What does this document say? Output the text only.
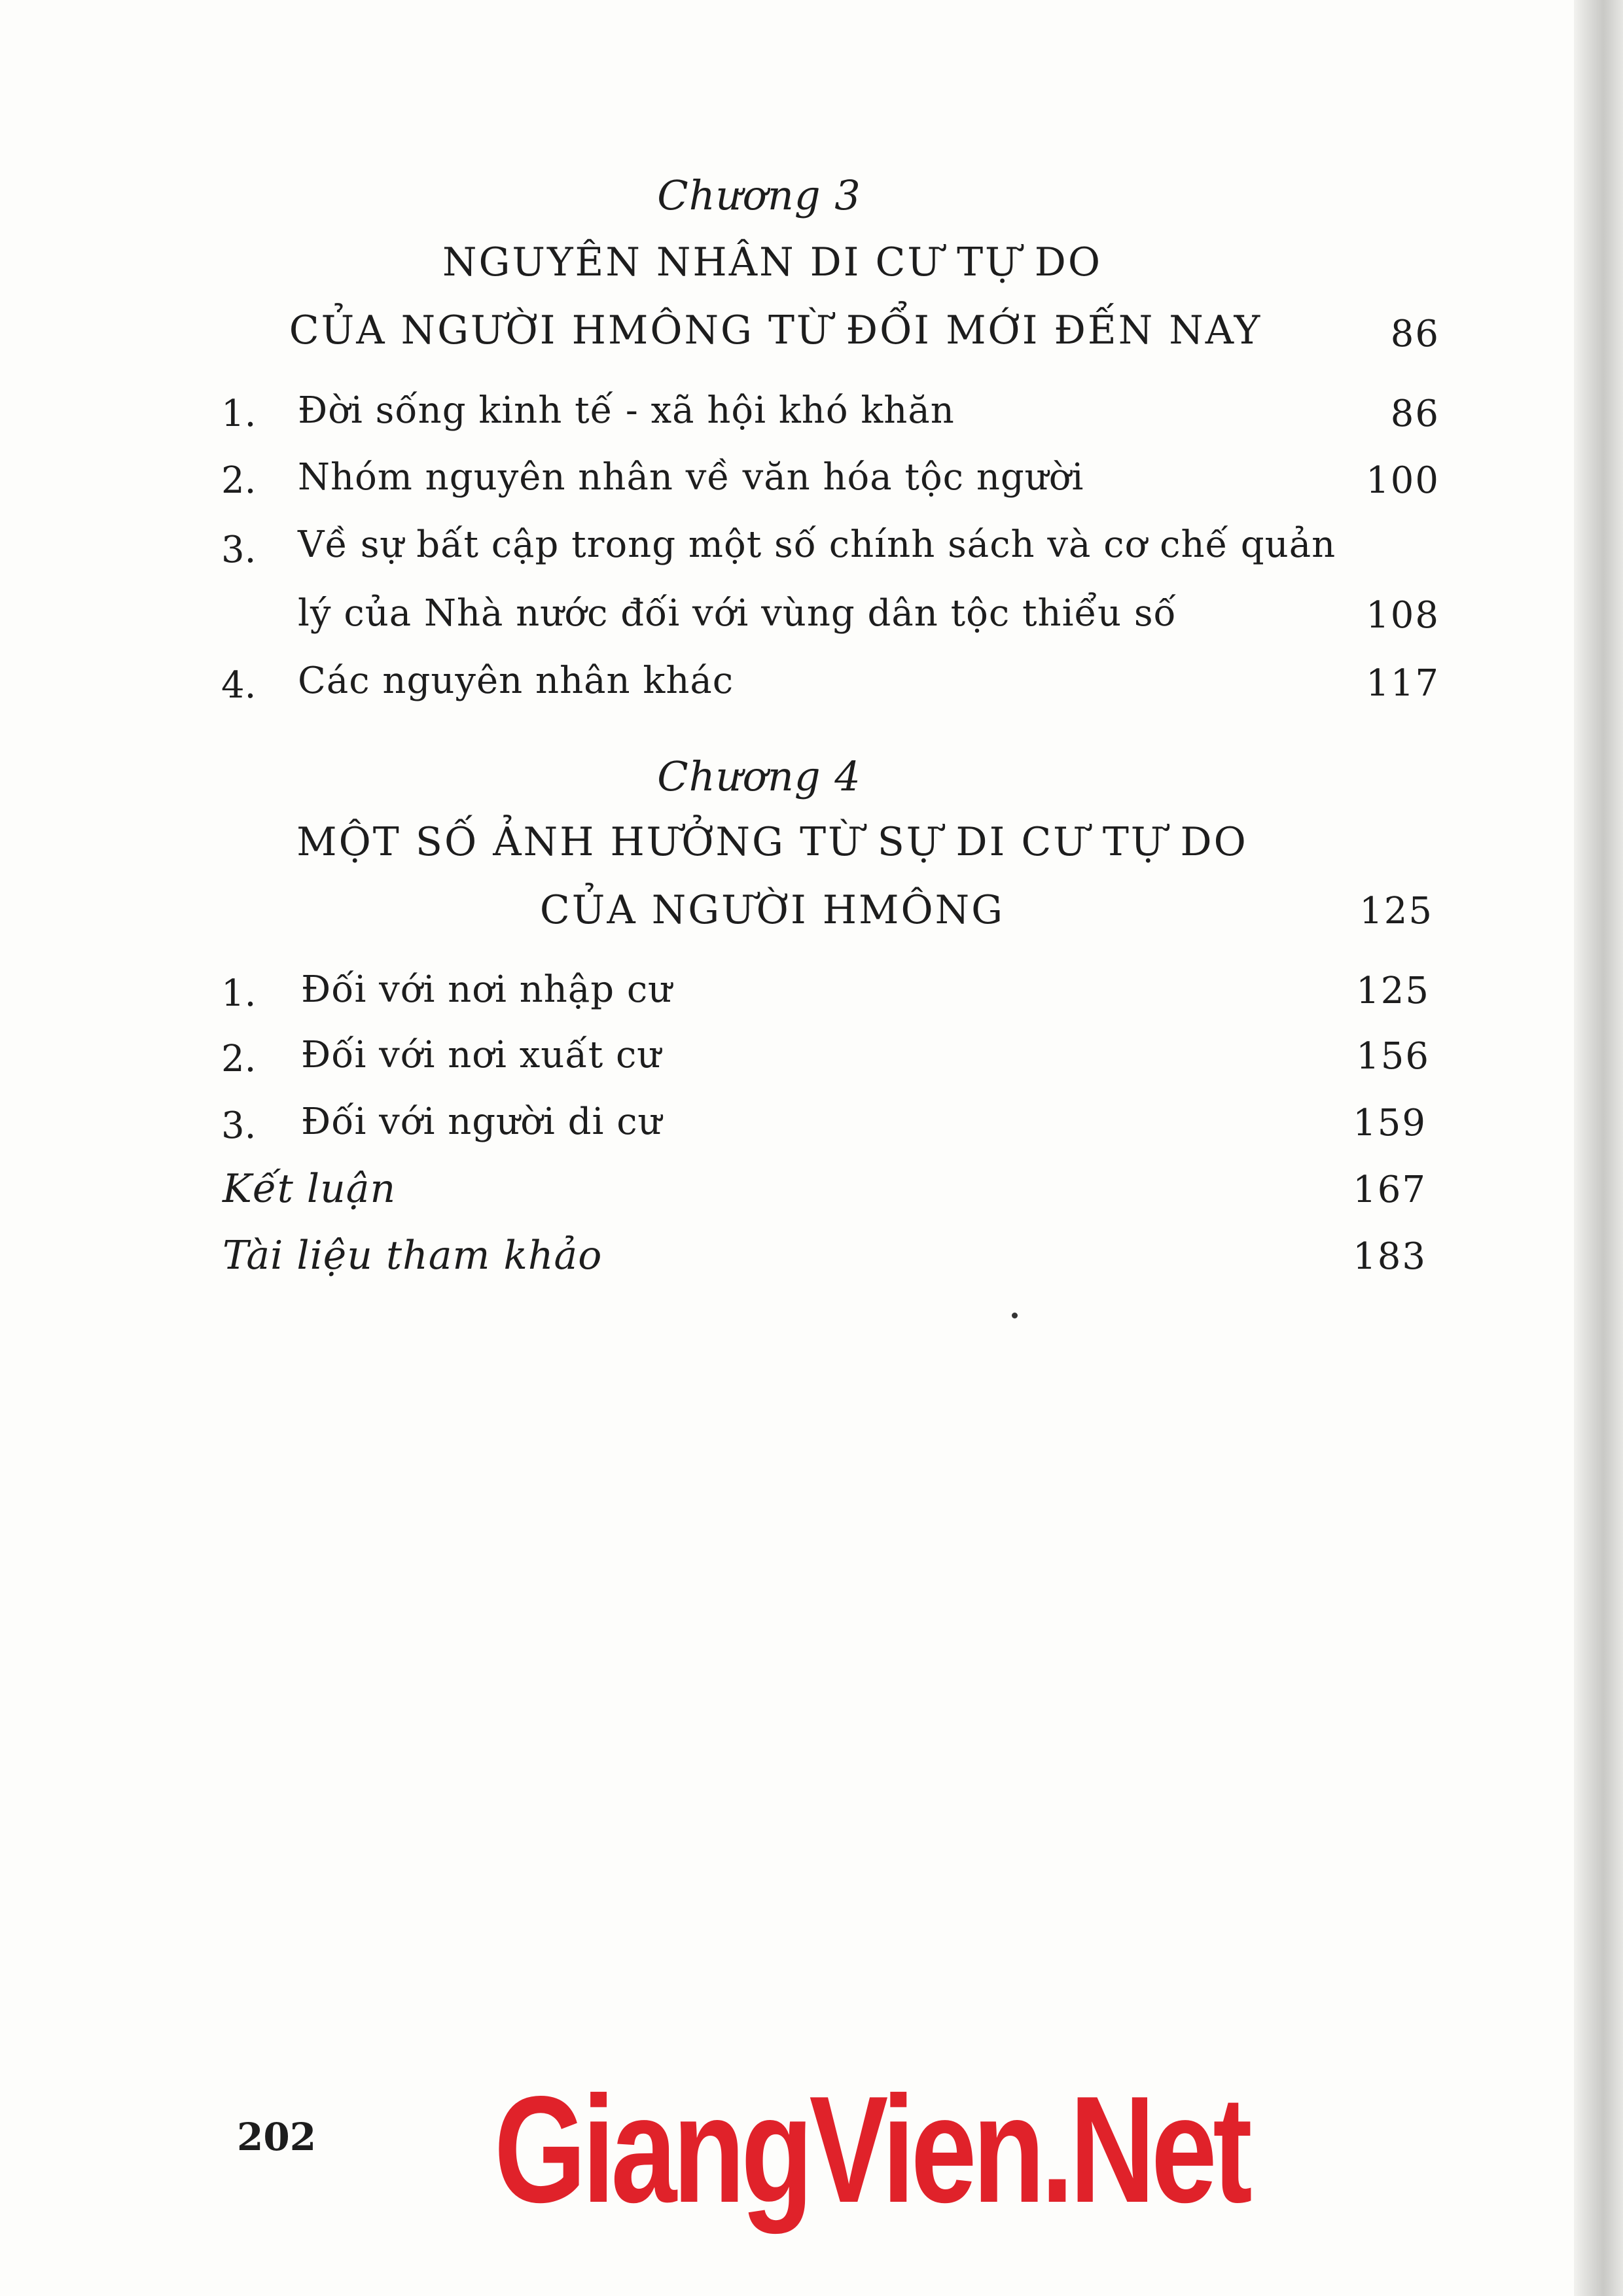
Chương 3
NGUYÊN NHÂN DI CƯ TỰ DO
CỦA NGƯỜI HMÔNG TỪ ĐỔI MỚI ĐẾN NAY	86
1. Đời sống kinh tế - xã hội khó khăn	86
2. Nhóm nguyên nhân về văn hóa tộc người	100
3. Về sự bất cập trong một số chính sách và cơ chế quản
lý của Nhà nước đối với vùng dân tộc thiểu số	108
4. Các nguyên nhân khác	117
Chương 4
MỘT SỐ ẢNH HƯỞNG TỪ SỰ DI CƯ TỰ DO
CỦA NGƯỜI HMÔNG	125
1. Đối với nơi nhập cư	125
2. Đối với nơi xuất cư	156
3. Đối với người di cư	159
Kết luận	167
Tài liệu tham khảo	183
202 GiangVien.Net
